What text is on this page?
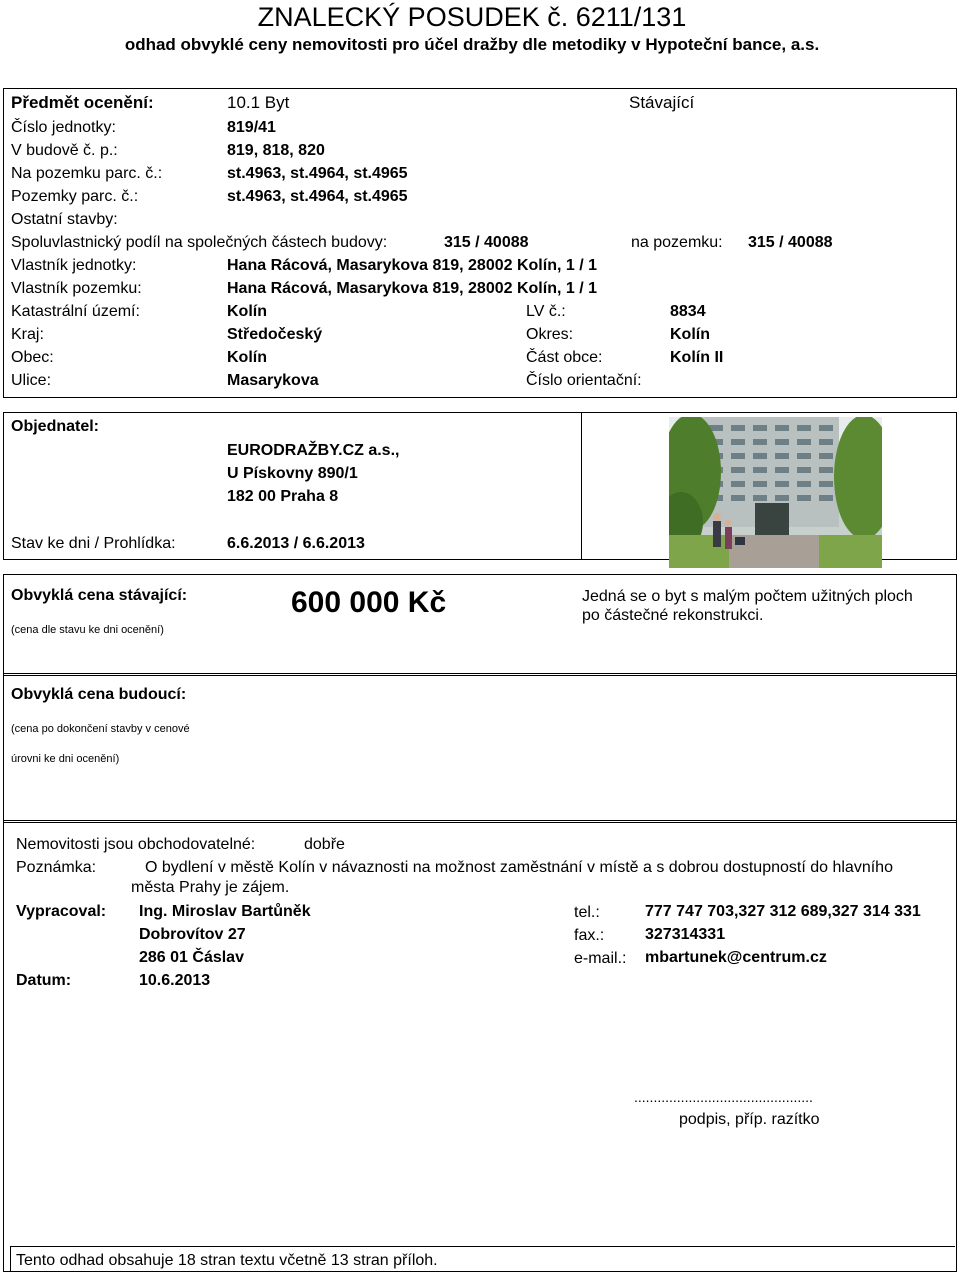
ZNALECKÝ POSUDEK č. 6211/131
odhad obvyklé ceny nemovitosti pro účel dražby dle metodiky v Hypoteční bance, a.s.
Předmět ocenění:	10.1 Byt	Stávající
Číslo jednotky:	819/41
V budově č. p.:	819, 818, 820
Na pozemku parc. č.:	st.4963, st.4964, st.4965
Pozemky parc. č.:	st.4963, st.4964, st.4965
Ostatní stavby:
Spoluvlastnický podíl na společných částech budovy:	315 / 40088	na pozemku: 315 / 40088
Vlastník jednotky:	Hana Rácová, Masarykova 819, 28002 Kolín, 1 / 1
Vlastník pozemku:	Hana Rácová, Masarykova 819, 28002 Kolín, 1 / 1
Katastrální území:	Kolín	LV č.:	8834
Kraj:	Středočeský	Okres:	Kolín
Obec:	Kolín	Část obce:	Kolín II
Ulice:	Masarykova	Číslo orientační:
Objednatel:
EURODRAŽBY.CZ a.s.,
U Pískovny 890/1
182 00 Praha 8
Stav ke dni / Prohlídka:	6.6.2013 / 6.6.2013
Obvyklá cena stávající:
(cena dle stavu ke dni ocenění)
600 000 Kč	Jedná se o byt s malým počtem užitných ploch
po částečné rekonstrukci.
Obvyklá cena budoucí:
(cena po dokončení stavby v cenové
úrovni ke dni ocenění)
Nemovitosti jsou obchodovatelné:	dobře
Poznámka:	O bydlení v městě Kolín v návaznosti na možnost zaměstnání v místě a s dobrou dostupností do hlavního
města Prahy je zájem.
Vypracoval: Ing. Miroslav Bartůněk
Dobrovítov 27
286 01 Čáslav
Datum:	10.6.2013
tel.:	777 747 703,327 312 689,327 314 331
fax.:	327314331
e-mail.: mbartunek@centrum.cz
..............................................
podpis, příp. razítko
Tento odhad obsahuje 18 stran textu včetně 13 stran příloh.
